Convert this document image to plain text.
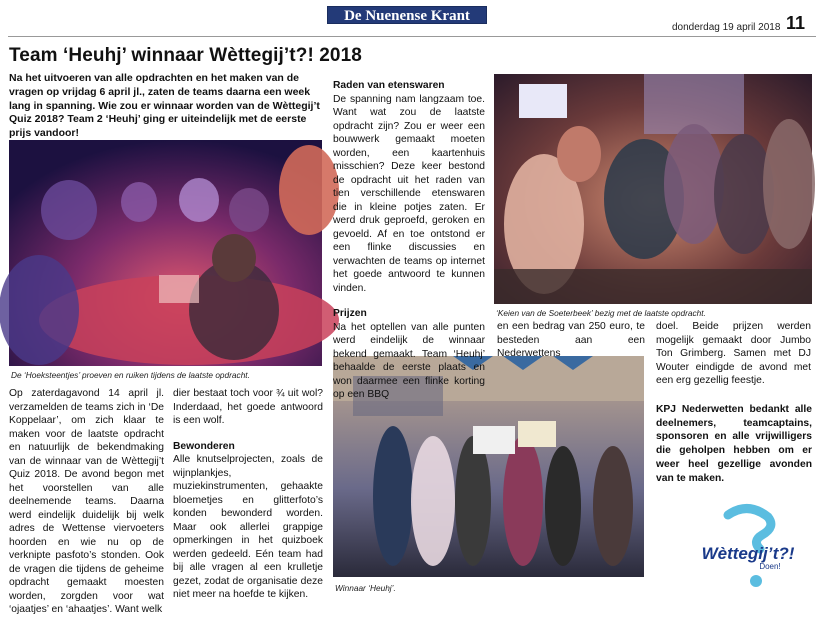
De Nuenense Krant
donderdag 19 april 2018 11
Team ‘Heuhj’ winnaar Wèttegij’t?! 2018
Na het uitvoeren van alle opdrachten en het maken van de vragen op vrijdag 6 april jl., zaten de teams daarna een week lang in spanning. Wie zou er winnaar worden van de Wèttegij’t Quiz 2018? Team 2 ‘Heuhj’ ging er uiteindelijk met de eerste prijs vandoor!
De ‘Hoeksteentjes’ proeven en ruiken tijdens de laatste opdracht.
‘Keien van de Soeterbeek’ bezig met de laatste opdracht.
Winnaar ‘Heuhj’.

Op zaterdagavond 14 april jl. verzamelden de teams zich in ‘De Koppelaar’, om zich klaar te maken voor de laatste opdracht en natuurlijk de bekendmaking van de winnaar van de Wèttegij’t Quiz 2018. De avond begon met het voorstellen van alle deelnemende teams. Daarna werd eindelijk duidelijk bij welk adres de Wettense viervoeters hoorden en wie nu op de verknipte pasfoto’s stonden. Ook de vragen die tijdens de geheime opdracht gemaakt moesten worden, zorgden voor wat ‘ojaatjes’ en ‘ahaatjes’. Want welk

dier bestaat toch voor ¾ uit wol? Inderdaad, het goede antwoord is een wolf.

Bewonderen

Alle knutselprojecten, zoals de wijnplankjes, muziekinstrumenten, gehaakte bloemetjes en glitterfoto’s konden bewonderd worden. Maar ook allerlei grappige opmerkingen in het quizboek werden gedeeld. Eén team had bij alle vragen al een krulletje gezet, zodat de organisatie deze niet meer na hoefde te kijken.

Raden van etenswaren

De spanning nam langzaam toe. Want wat zou de laatste opdracht zijn? Zou er weer een bouwwerk gemaakt moeten worden, een kaartenhuis misschien? Deze keer bestond de opdracht uit het raden van tien verschillende etenswaren die in kleine potjes zaten. Er werd druk geproefd, geroken en gevoeld. Af en toe ontstond er een flinke discussies en verwachten de teams op internet het goede antwoord te kunnen vinden.

Prijzen

Na het optellen van alle punten werd eindelijk de winnaar bekend gemaakt. Team ‘Heuhj’ behaalde de eerste plaats en won daarmee een flinke korting op een BBQ

en een bedrag van 250 euro, te besteden aan een Nederwettens

doel. Beide prijzen werden mogelijk gemaakt door Jumbo Ton Grimberg. Samen met DJ Wouter eindigde de avond met een erg gezellig feestje.

KPJ Nederwetten bedankt alle deelnemers, teamcaptains, sponsoren en alle vrijwilligers die geholpen hebben om er weer heel gezellige avonden van te maken.
Wèttegij’t?!
Doen!
